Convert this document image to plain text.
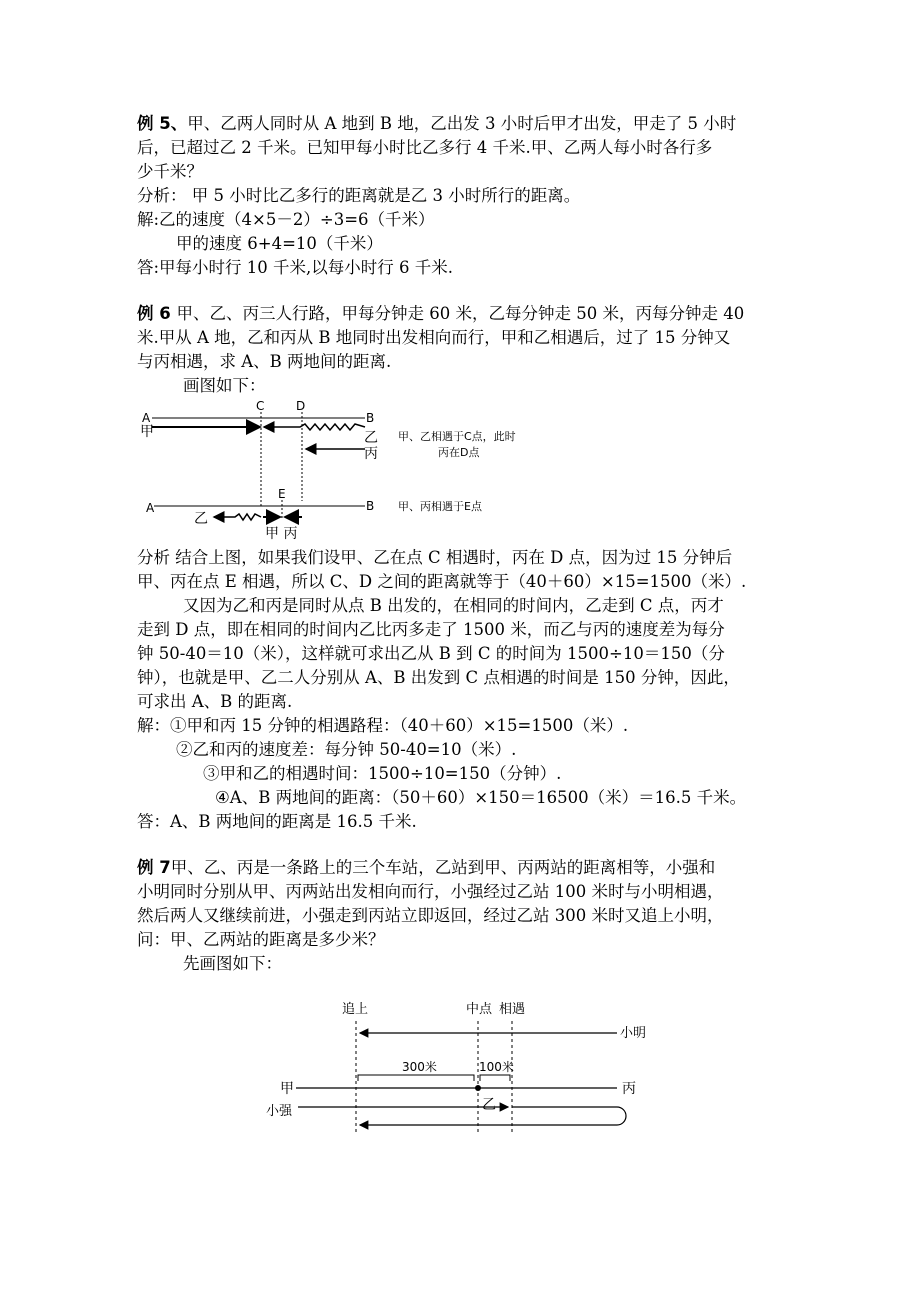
例 5、甲、乙两人同时从 A 地到 B 地，乙出发 3 小时后甲才出发，甲走了 5 小时
后，已超过乙 2 千米。已知甲每小时比乙多行 4 千米.甲、乙两人每小时各行多
少千米？
分析： 甲 5 小时比乙多行的距离就是乙 3 小时所行的距离。
解:乙的速度（4×5－2）÷3=6（千米）
甲的速度 6+4=10（千米）
答:甲每小时行 10 千米,以每小时行 6 千米.
例 6 甲、乙、丙三人行路，甲每分钟走 60 米，乙每分钟走 50 米，丙每分钟走 40
米.甲从 A 地，乙和丙从 B 地同时出发相向而行，甲和乙相遇后，过了 15 分钟又
与丙相遇，求 A、B 两地间的距离.
画图如下：
A
甲
C	D
B
乙
丙
甲、乙相遇于C点，此时
丙在D点
A	B
E
乙
甲 丙
甲、丙相遇于E点
分析 结合上图，如果我们设甲、乙在点 C 相遇时，丙在 D 点，因为过 15 分钟后
甲、丙在点 E 相遇，所以 C、D 之间的距离就等于（40＋60）×15=1500（米）.
又因为乙和丙是同时从点 B 出发的，在相同的时间内，乙走到 C 点，丙才
走到 D 点，即在相同的时间内乙比丙多走了 1500 米，而乙与丙的速度差为每分
钟 50-40＝10（米），这样就可求出乙从 B 到 C 的时间为 1500÷10＝150（分
钟），也就是甲、乙二人分别从 A、B 出发到 C 点相遇的时间是 150 分钟，因此，
可求出 A、B 的距离.
解：①甲和丙 15 分钟的相遇路程：（40＋60）×15=1500（米）.
②乙和丙的速度差：每分钟 50-40=10（米）.
③甲和乙的相遇时间：1500÷10=150（分钟）.
④A、B 两地间的距离：（50＋60）×150＝16500（米）＝16.5 千米。
答：A、B 两地间的距离是 16.5 千米.
例 7甲、乙、丙是一条路上的三个车站，乙站到甲、丙两站的距离相等，小强和
小明同时分别从甲、丙两站出发相向而行，小强经过乙站 100 米时与小明相遇，
然后两人又继续前进，小强走到丙站立即返回，经过乙站 300 米时又追上小明，
问：甲、乙两站的距离是多少米？
先画图如下：
追上	中点 相遇
小明
300米	100米
甲	丙
乙
小强
